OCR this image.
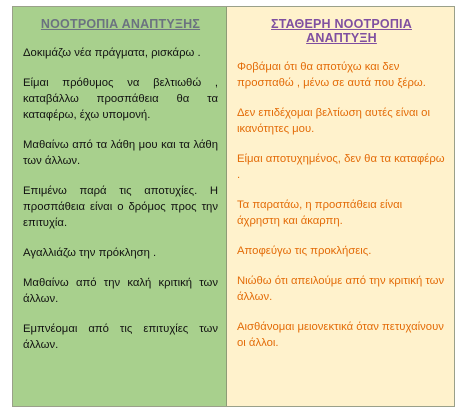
ΝΟΟΤΡΟΠΙΑ ΑΝΑΠΤΥΞΗΣ
Δοκιμάζω νέα πράγματα, ρισκάρω .
Είμαι πρόθυμος να βελτιωθώ , καταβάλλω προσπάθεια θα τα καταφέρω, έχω υπομονή.
Μαθαίνω από τα λάθη μου και τα λάθη των άλλων.
Επιμένω παρά τις αποτυχίες. Η προσπάθεια είναι ο δρόμος προς την επιτυχία.
Αγαλλιάζω την πρόκληση .
Μαθαίνω από την καλή κριτική των άλλων.
Εμπνέομαι από τις επιτυχίες των άλλων.
ΣΤΑΘΕΡΗ ΝΟΟΤΡΟΠΙΑ ΑΝΑΠΤΥΞΗ
Φοβάμαι ότι θα αποτύχω και δεν προσπαθώ , μένω σε αυτά που ξέρω.
Δεν επιδέχομαι βελτίωση αυτές είναι οι ικανότητες μου.
Είμαι αποτυχημένος, δεν θα τα καταφέρω .
Τα παρατάω, η προσπάθεια είναι άχρηστη και άκαρπη.
Αποφεύγω τις προκλήσεις.
Νιώθω ότι απειλούμε από την κριτική των άλλων.
Αισθάνομαι μειονεκτικά όταν πετυχαίνουν οι άλλοι.
